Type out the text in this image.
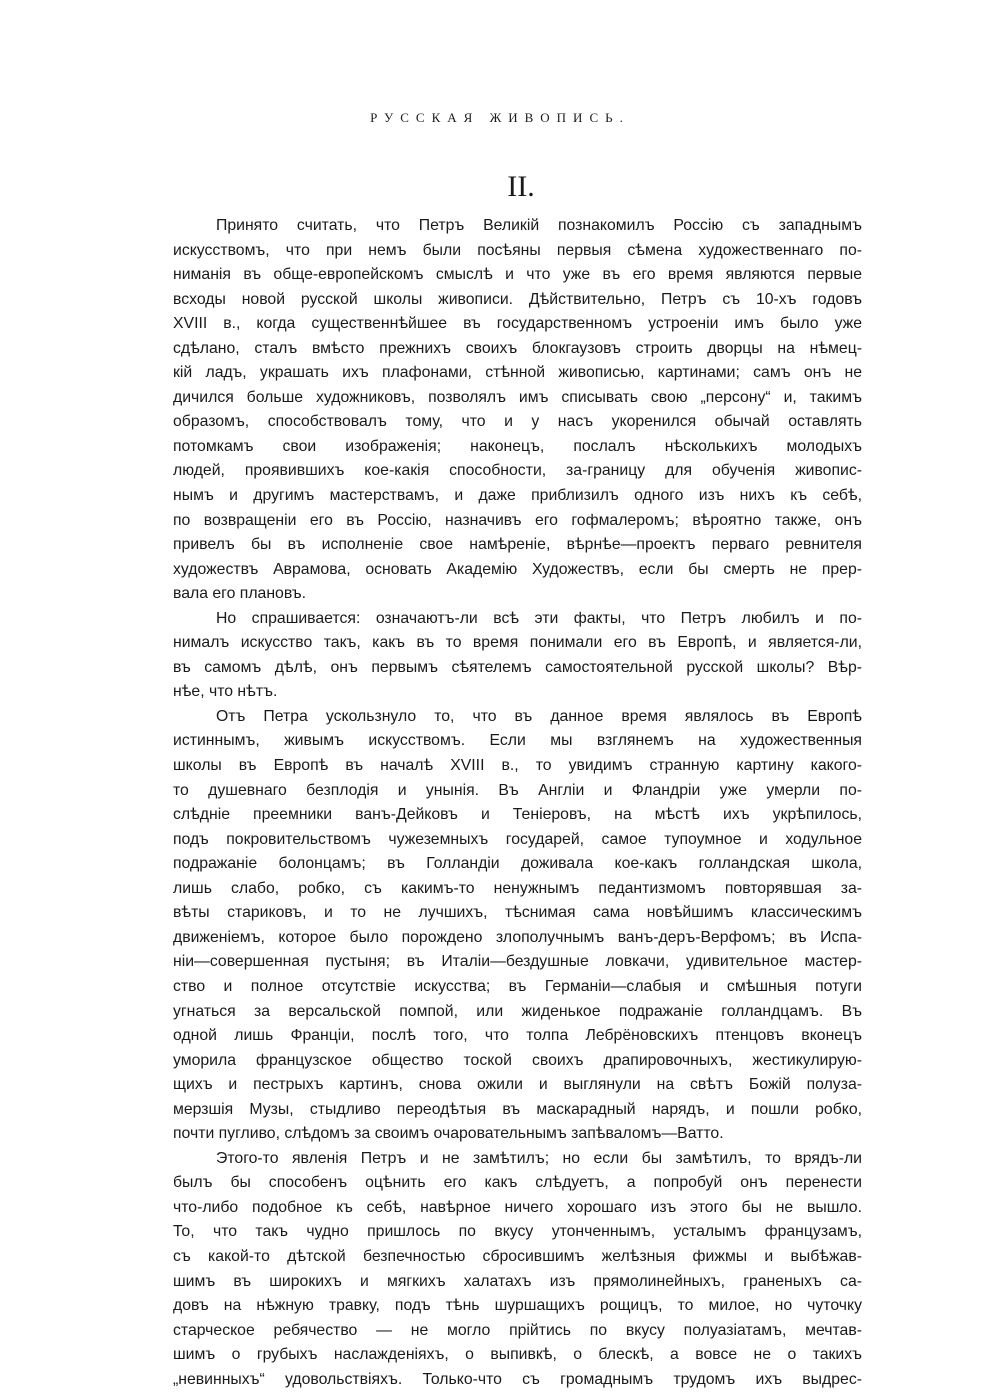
РУССКАЯ ЖИВОПИСЬ.
II.
Принято считать, что Петръ Великій познакомилъ Россію съ западнымъ
искусствомъ, что при немъ были посѣяны первыя сѣмена художественнаго по-
ниманія въ обще-европейскомъ смыслѣ и что уже въ его время являются первые
всходы новой русской школы живописи. Дѣйствительно, Петръ съ 10-хъ годовъ
XVIII в., когда существеннѣйшее въ государственномъ устроеніи имъ было уже
сдѣлано, сталъ вмѣсто прежнихъ своихъ блокгаузовъ строить дворцы на нѣмец-
кій ладъ, украшать ихъ плафонами, стѣнной живописью, картинами; самъ онъ не
дичился больше художниковъ, позволялъ имъ списывать свою „персону“ и, такимъ
образомъ, способствовалъ тому, что и у насъ укоренился обычай оставлять
потомкамъ свои изображенія; наконецъ, послалъ нѣсколькихъ молодыхъ
людей, проявившихъ кое-какія способности, за-границу для обученія живопис-
нымъ и другимъ мастерствамъ, и даже приблизилъ одного изъ нихъ къ себѣ,
по возвращеніи его въ Россію, назначивъ его гофмалеромъ; вѣроятно также, онъ
привелъ бы въ исполненіе свое намѣреніе, вѣрнѣе—проектъ перваго ревнителя
художествъ Аврамова, основать Академію Художествъ, если бы смерть не прер-
вала его плановъ.
Но спрашивается: означаютъ-ли всѣ эти факты, что Петръ любилъ и по-
нималъ искусство такъ, какъ въ то время понимали его въ Европѣ, и является-ли,
въ самомъ дѣлѣ, онъ первымъ сѣятелемъ самостоятельной русской школы? Вѣр-
нѣе, что нѣтъ.
Отъ Петра ускользнуло то, что въ данное время являлось въ Европѣ
истиннымъ, живымъ искусствомъ. Если мы взглянемъ на художественныя
школы въ Европѣ въ началѣ XVIII в., то увидимъ странную картину какого-
то душевнаго безплодія и унынія. Въ Англіи и Фландріи уже умерли по-
слѣдніе преемники ванъ-Дейковъ и Теніеровъ, на мѣстѣ ихъ укрѣпилось,
подъ покровительствомъ чужеземныхъ государей, самое тупоумное и ходульное
подражаніе болонцамъ; въ Голландіи доживала кое-какъ голландская школа,
лишь слабо, робко, съ какимъ-то ненужнымъ педантизмомъ повторявшая за-
вѣты стариковъ, и то не лучшихъ, тѣснимая сама новѣйшимъ классическимъ
движеніемъ, которое было порождено злополучнымъ ванъ-деръ-Верфомъ; въ Испа-
ніи—совершенная пустыня; въ Италіи—бездушные ловкачи, удивительное мастер-
ство и полное отсутствіе искусства; въ Германіи—слабыя и смѣшныя потуги
угнаться за версальской помпой, или жиденькое подражаніе голландцамъ. Въ
одной лишь Франціи, послѣ того, что толпа Лебрёновскихъ птенцовъ вконецъ
уморила французское общество тоской своихъ драпировочныхъ, жестикулирую-
щихъ и пестрыхъ картинъ, снова ожили и выглянули на свѣтъ Божій полуза-
мерзшія Музы, стыдливо переодѣтыя въ маскарадный нарядъ, и пошли робко,
почти пугливо, слѣдомъ за своимъ очаровательнымъ запѣваломъ—Ватто.
Этого-то явленія Петръ и не замѣтилъ; но если бы замѣтилъ, то врядъ-ли
былъ бы способенъ оцѣнить его какъ слѣдуетъ, а попробуй онъ перенести
что-либо подобное къ себѣ, навѣрное ничего хорошаго изъ этого бы не вышло.
То, что такъ чудно пришлось по вкусу утонченнымъ, усталымъ французамъ,
съ какой-то дѣтской безпечностью сбросившимъ желѣзныя фижмы и выбѣжав-
шимъ въ широкихъ и мягкихъ халатахъ изъ прямолинейныхъ, граненыхъ са-
довъ на нѣжную травку, подъ тѣнь шуршащихъ рощицъ, то милое, но чуточку
старческое ребячество — не могло прійтись по вкусу полуазіатамъ, мечтав-
шимъ о грубыхъ наслажденіяхъ, о выпивкѣ, о блескѣ, а вовсе не о такихъ
„невинныхъ“ удовольствіяхъ. Только-что съ громаднымъ трудомъ ихъ выдрес-
